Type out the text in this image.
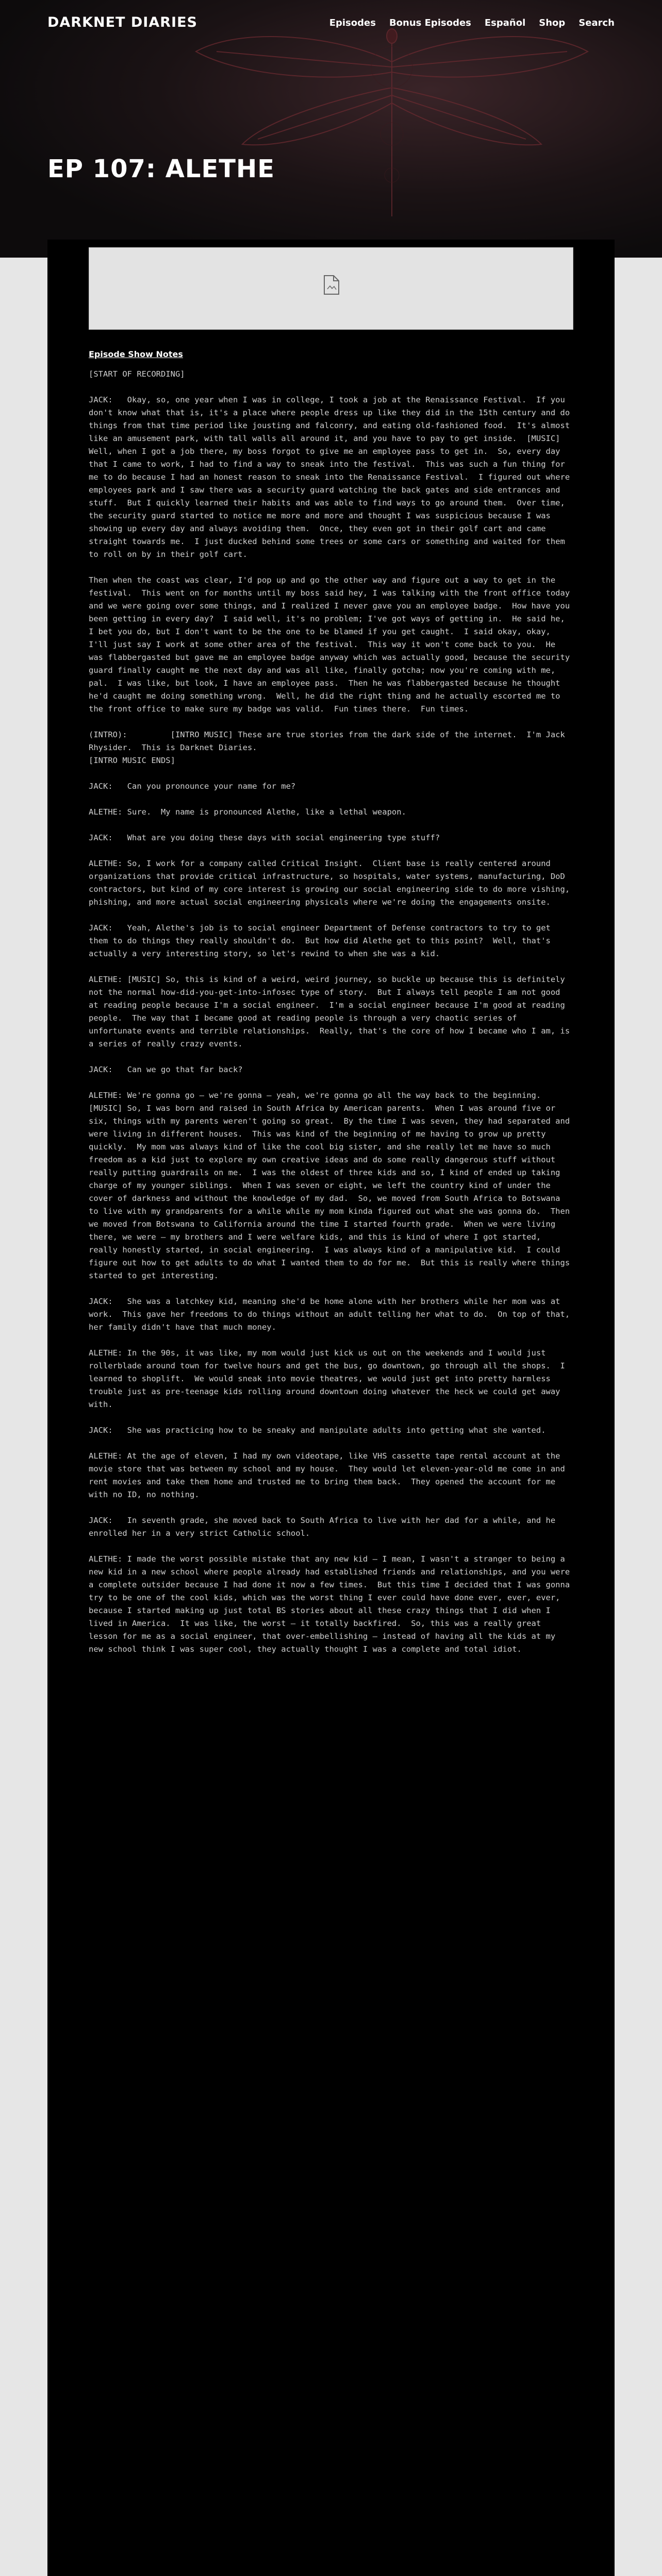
DARKNET DIARIES	Episodes Bonus Episodes Español Shop Search
EP 107: ALETHE
Episode Show Notes

[START OF RECORDING]

JACK:   Okay, so, one year when I was in college, I took a job at the Renaissance Festival.  If you don't know what that is, it's a place where people dress up like they did in the 15th century and do things from that time period like jousting and falconry, and eating old-fashioned food.  It's almost like an amusement park, with tall walls all around it, and you have to pay to get inside.  [MUSIC] Well, when I got a job there, my boss forgot to give me an employee pass to get in.  So, every day that I came to work, I had to find a way to sneak into the festival.  This was such a fun thing for me to do because I had an honest reason to sneak into the Renaissance Festival.  I figured out where employees park and I saw there was a security guard watching the back gates and side entrances and stuff.  But I quickly learned their habits and was able to find ways to go around them.  Over time, the security guard started to notice me more and more and thought I was suspicious because I was showing up every day and always avoiding them.  Once, they even got in their golf cart and came straight towards me.  I just ducked behind some trees or some cars or something and waited for them to roll on by in their golf cart.

Then when the coast was clear, I'd pop up and go the other way and figure out a way to get in the festival.  This went on for months until my boss said hey, I was talking with the front office today and we were going over some things, and I realized I never gave you an employee badge.  How have you been getting in every day?  I said well, it's no problem; I've got ways of getting in.  He said he, I bet you do, but I don't want to be the one to be blamed if you get caught.  I said okay, okay, I'll just say I work at some other area of the festival.  This way it won't come back to you.  He was flabbergasted but gave me an employee badge anyway which was actually good, because the security guard finally caught me the next day and was all like, finally gotcha; now you're coming with me, pal.  I was like, but look, I have an employee pass.  Then he was flabbergasted because he thought he'd caught me doing something wrong.  Well, he did the right thing and he actually escorted me to the front office to make sure my badge was valid.  Fun times there.  Fun times.

(INTRO):         [INTRO MUSIC] These are true stories from the dark side of the internet.  I'm Jack Rhysider.  This is Darknet Diaries.
[INTRO MUSIC ENDS]

JACK:   Can you pronounce your name for me?

ALETHE: Sure.  My name is pronounced Alethe, like a lethal weapon.

JACK:   What are you doing these days with social engineering type stuff?

ALETHE: So, I work for a company called Critical Insight.  Client base is really centered around organizations that provide critical infrastructure, so hospitals, water systems, manufacturing, DoD contractors, but kind of my core interest is growing our social engineering side to do more vishing, phishing, and more actual social engineering physicals where we're doing the engagements onsite.

JACK:   Yeah, Alethe's job is to social engineer Department of Defense contractors to try to get them to do things they really shouldn't do.  But how did Alethe get to this point?  Well, that's actually a very interesting story, so let's rewind to when she was a kid.

ALETHE: [MUSIC] So, this is kind of a weird, weird journey, so buckle up because this is definitely not the normal how-did-you-get-into-infosec type of story.  But I always tell people I am not good at reading people because I'm a social engineer.  I'm a social engineer because I'm good at reading people.  The way that I became good at reading people is through a very chaotic series of unfortunate events and terrible relationships.  Really, that's the core of how I became who I am, is a series of really crazy events.

JACK:   Can we go that far back?

ALETHE: We're gonna go — we're gonna — yeah, we're gonna go all the way back to the beginning.  [MUSIC] So, I was born and raised in South Africa by American parents.  When I was around five or six, things with my parents weren't going so great.  By the time I was seven, they had separated and were living in different houses.  This was kind of the beginning of me having to grow up pretty quickly.  My mom was always kind of like the cool big sister, and she really let me have so much freedom as a kid just to explore my own creative ideas and do some really dangerous stuff without really putting guardrails on me.  I was the oldest of three kids and so, I kind of ended up taking charge of my younger siblings.  When I was seven or eight, we left the country kind of under the cover of darkness and without the knowledge of my dad.  So, we moved from South Africa to Botswana to live with my grandparents for a while while my mom kinda figured out what she was gonna do.  Then we moved from Botswana to California around the time I started fourth grade.  When we were living there, we were — my brothers and I were welfare kids, and this is kind of where I got started, really honestly started, in social engineering.  I was always kind of a manipulative kid.  I could figure out how to get adults to do what I wanted them to do for me.  But this is really where things started to get interesting.

JACK:   She was a latchkey kid, meaning she'd be home alone with her brothers while her mom was at work.  This gave her freedoms to do things without an adult telling her what to do.  On top of that, her family didn't have that much money.

ALETHE: In the 90s, it was like, my mom would just kick us out on the weekends and I would just rollerblade around town for twelve hours and get the bus, go downtown, go through all the shops.  I learned to shoplift.  We would sneak into movie theatres, we would just get into pretty harmless trouble just as pre-teenage kids rolling around downtown doing whatever the heck we could get away with.

JACK:   She was practicing how to be sneaky and manipulate adults into getting what she wanted.

ALETHE: At the age of eleven, I had my own videotape, like VHS cassette tape rental account at the movie store that was between my school and my house.  They would let eleven-year-old me come in and rent movies and take them home and trusted me to bring them back.  They opened the account for me with no ID, no nothing.

JACK:   In seventh grade, she moved back to South Africa to live with her dad for a while, and he enrolled her in a very strict Catholic school.

ALETHE: I made the worst possible mistake that any new kid — I mean, I wasn't a stranger to being a new kid in a new school where people already had established friends and relationships, and you were a complete outsider because I had done it now a few times.  But this time I decided that I was gonna try to be one of the cool kids, which was the worst thing I ever could have done ever, ever, ever, because I started making up just total BS stories about all these crazy things that I did when I lived in America.  It was like, the worst — it totally backfired.  So, this was a really great lesson for me as a social engineer, that over-embellishing — instead of having all the kids at my new school think I was super cool, they actually thought I was a complete and total idiot.
